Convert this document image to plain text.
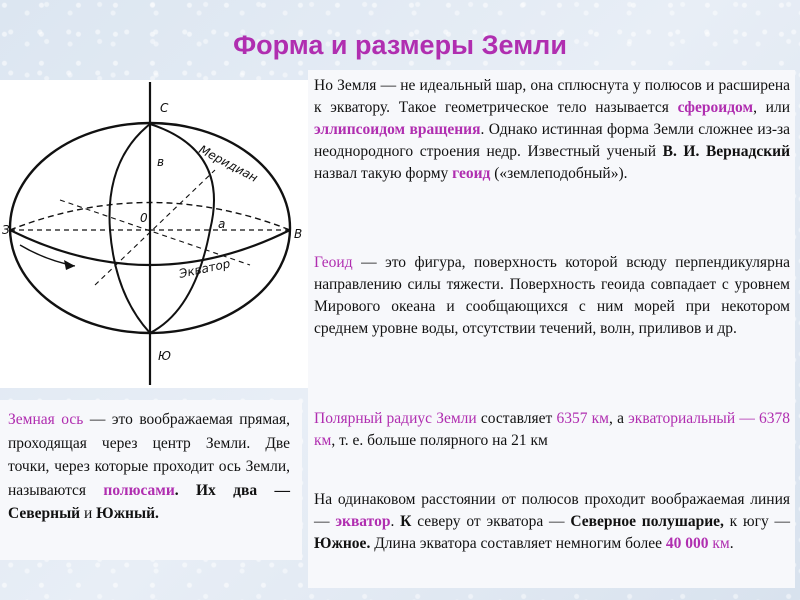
Форма и размеры Земли
С
Ю
З	В
0	а
в	Меридиан
Экватор

Но Земля — не идеальный шар, она сплюснута у полюсов и расширена к экватору. Такое геометрическое тело называется сфероидом, или эллипсоидом вращения. Однако истинная форма Земли сложнее из-за неоднородного строения недр. Известный ученый В. И. Вернадский назвал такую форму геоид («землеподобный»).

Геоид — это фигура, поверхность которой всюду перпендикулярна направлению силы тяжести. Поверхность геоида совпадает с уровнем Мирового океана и сообщающихся с ним морей при некотором среднем уровне воды, отсутствии течений, волн, приливов и др.

Полярный радиус Земли составляет 6357 км, а экваториальный — 6378 км, т. е. больше полярного на 21 км

На одинаковом расстоянии от полюсов проходит воображаемая линия — экватор. К северу от экватора — Северное полушарие, к югу — Южное. Длина экватора составляет немногим более 40 000 км.

Земная ось — это воображаемая прямая, проходящая через центр Земли. Две точки, через которые проходит ось Земли, называются полюсами. Их два — Северный и Южный.
